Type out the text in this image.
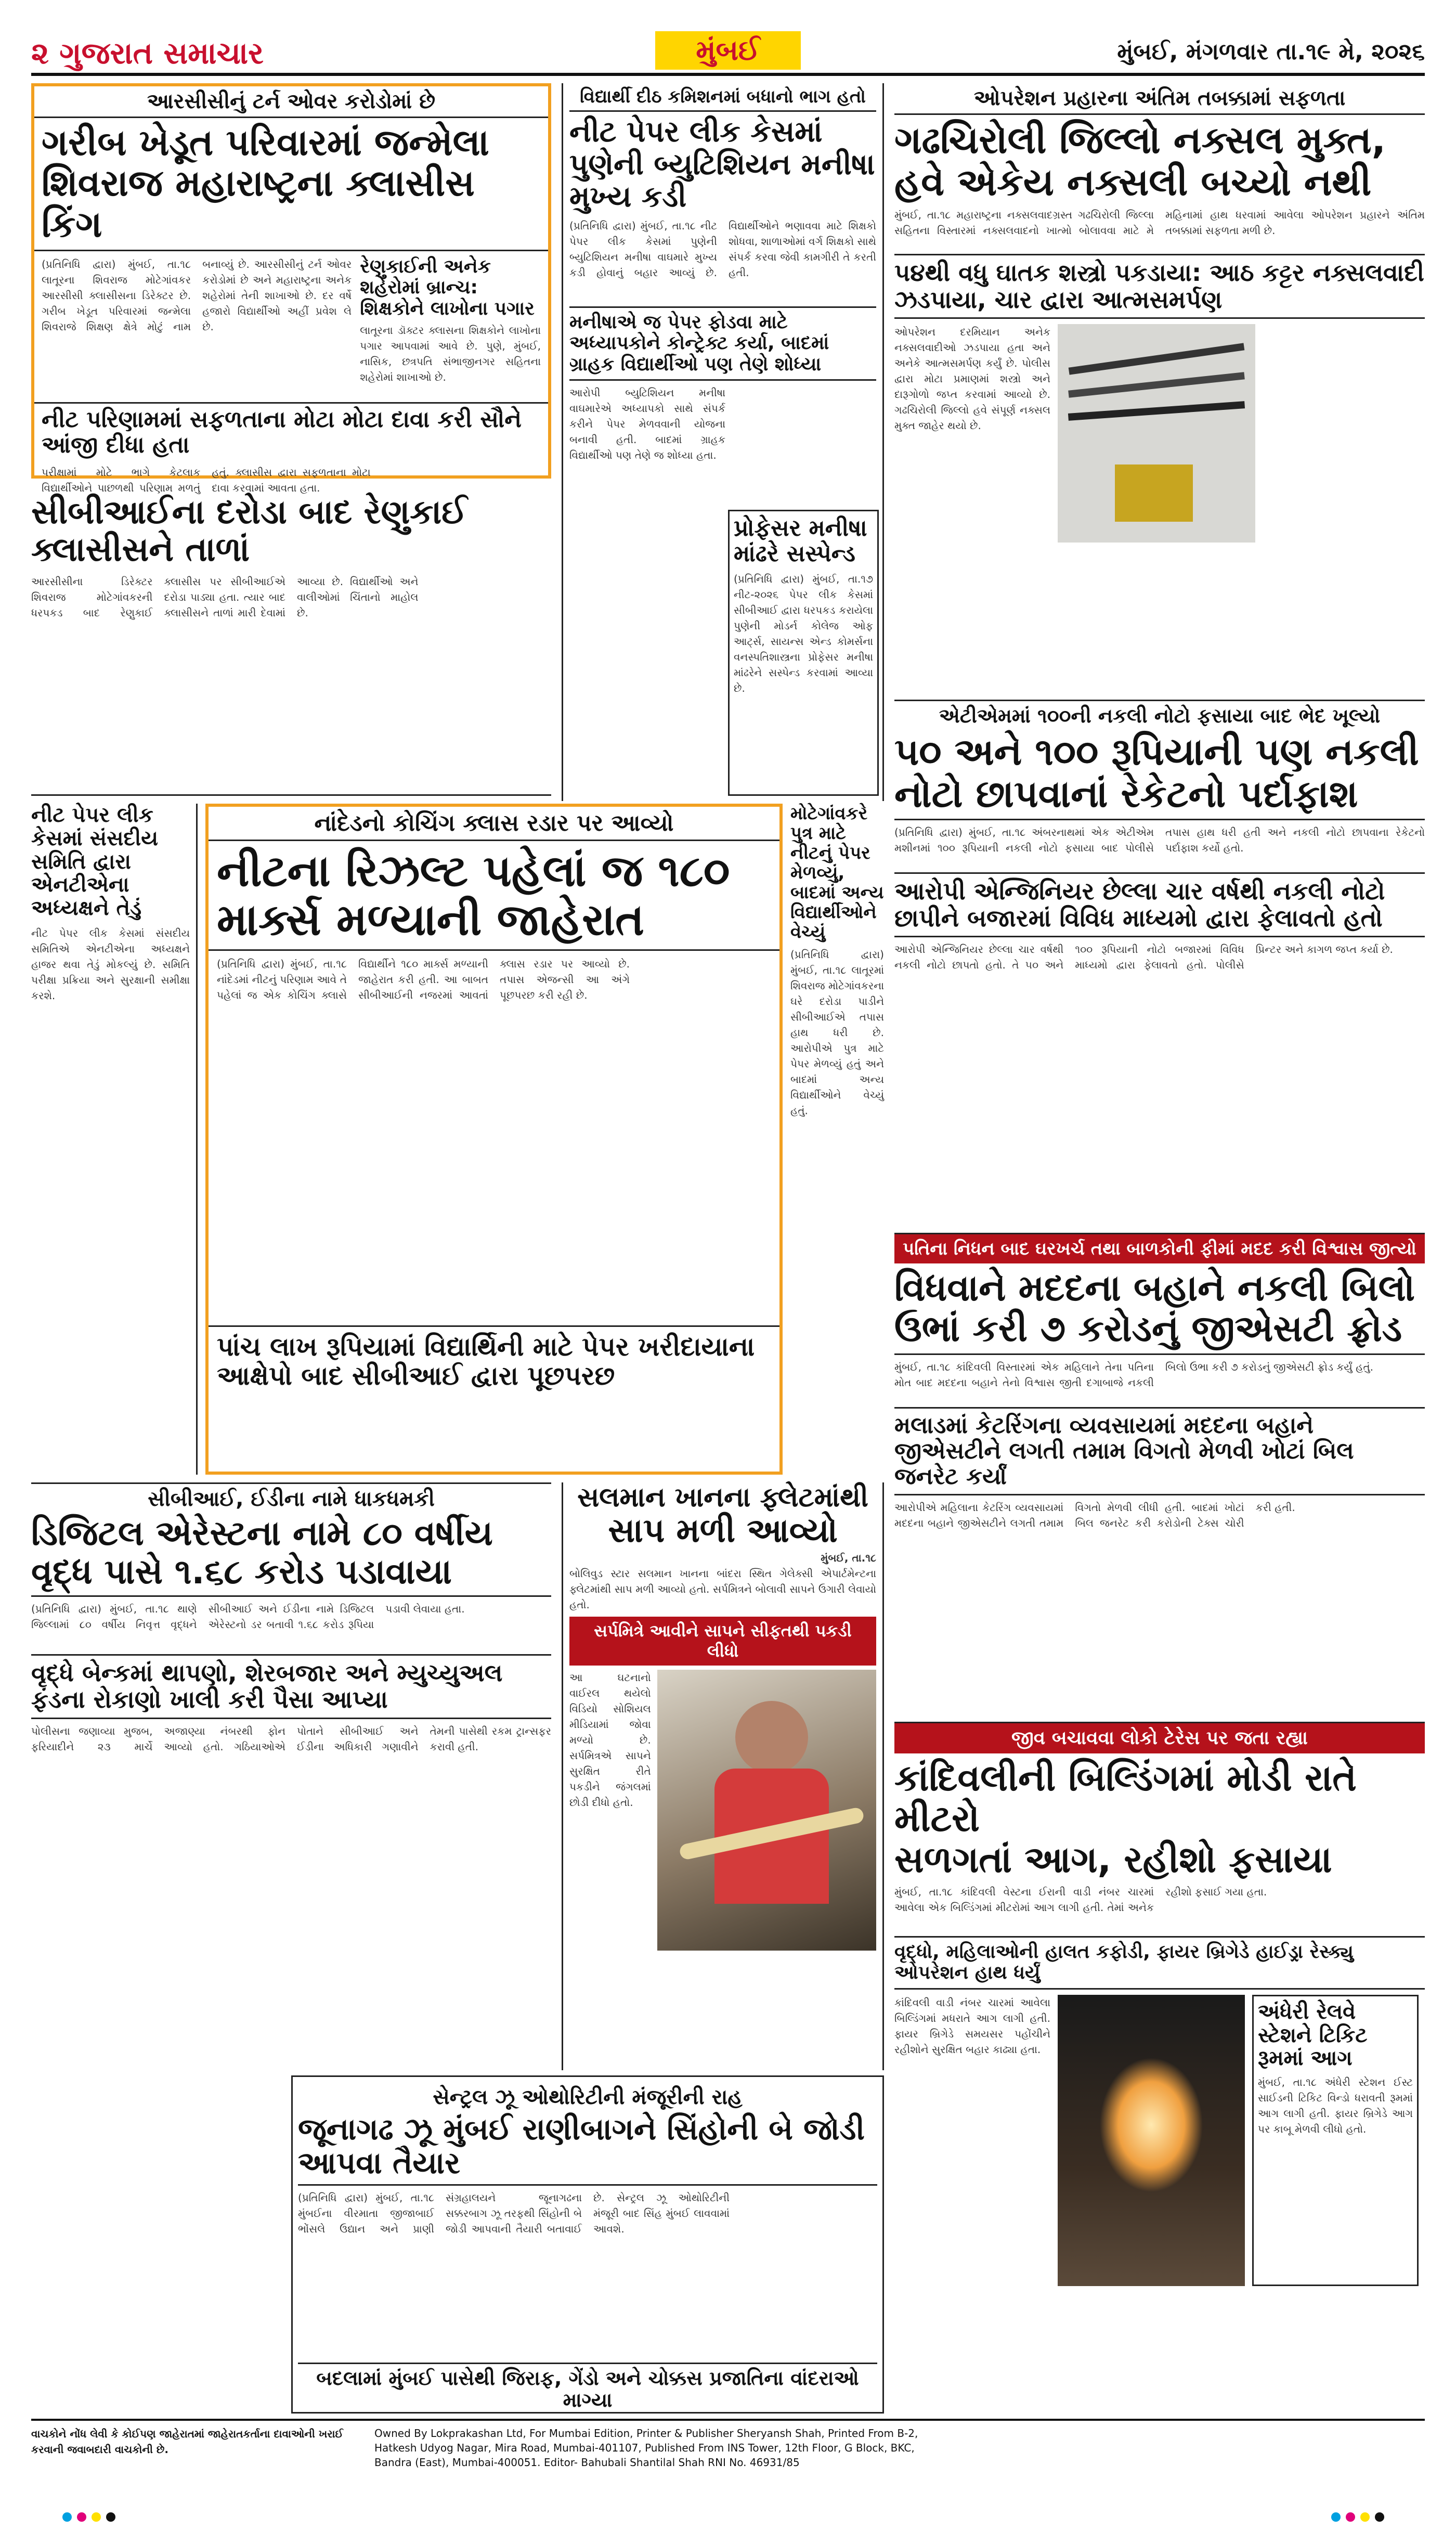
૨ ગુજરાત સમાચાર	મુંબઈ	મુંબઈ, મંગળવાર તા.૧૯ મે, ૨૦૨૬
આરસીસીનું ટર્ન ઓવર કરોડોમાં છે
ગરીબ ખેડૂત પરિવારમાં જન્મેલા
શિવરાજ મહારાષ્ટ્રના ક્લાસીસ કિંગ
(પ્રતિનિધિ દ્વારા) મુંબઈ, તા.૧૮ લાતૂરના શિવરાજ મોટેગાંવકર આરસીસી ક્લાસીસના ડિરેક્ટર છે. ગરીબ ખેડૂત પરિવારમાં જન્મેલા શિવરાજે શિક્ષણ ક્ષેત્રે મોટું નામ બનાવ્યું છે. આરસીસીનું ટર્ન ઓવર કરોડોમાં છે અને મહારાષ્ટ્રના અનેક શહેરોમાં તેની શાખાઓ છે. દર વર્ષે હજારો વિદ્યાર્થીઓ અહીં પ્રવેશ લે છે.
રેણુકાઈની અનેક શહેરોમાં બ્રાન્ચ: શિક્ષકોને લાખોના પગાર
લાતૂરના ડૉક્ટર ક્લાસના શિક્ષકોને લાખોના પગાર આપવામાં આવે છે. પુણે, મુંબઈ, નાસિક, છત્રપતિ સંભાજીનગર સહિતના શહેરોમાં શાખાઓ છે.
નીટ પરિણામમાં સફળતાના મોટા મોટા દાવા કરી સૌને આંજી દીધા હતા
પરીક્ષામાં મોટે ભાગે કેટલાક વિદ્યાર્થીઓને પાછળથી પરિણામ મળતું હતું. ક્લાસીસ દ્વારા સફળતાના મોટા દાવા કરવામાં આવતા હતા.
સીબીઆઈના દરોડા બાદ રેણુકાઈ ક્લાસીસને તાળાં
આરસીસીના ડિરેક્ટર શિવરાજ મોટેગાંવકરની ધરપકડ બાદ રેણુકાઈ ક્લાસીસ પર સીબીઆઈએ દરોડા પાડ્યા હતા. ત્યાર બાદ ક્લાસીસને તાળાં મારી દેવામાં આવ્યા છે. વિદ્યાર્થીઓ અને વાલીઓમાં ચિંતાનો માહોલ છે.
નીટ પેપર લીક કેસમાં સંસદીય સમિતિ દ્વારા એનટીએના અધ્યક્ષને તેડું
નીટ પેપર લીક કેસમાં સંસદીય સમિતિએ એનટીએના અધ્યક્ષને હાજર થવા તેડું મોકલ્યું છે. સમિતિ પરીક્ષા પ્રક્રિયા અને સુરક્ષાની સમીક્ષા કરશે.
નાંદેડનો કોચિંગ ક્લાસ રડાર પર આવ્યો
નીટના રિઝલ્ટ પહેલાં જ ૧૮૦
માર્ક્સ મળ્યાની જાહેરાત
(પ્રતિનિધિ દ્વારા) મુંબઈ, તા.૧૮ નાંદેડમાં નીટનું પરિણામ આવે તે પહેલાં જ એક કોચિંગ ક્લાસે વિદ્યાર્થીને ૧૮૦ માર્ક્સ મળ્યાની જાહેરાત કરી હતી. આ બાબત સીબીઆઈની નજરમાં આવતાં ક્લાસ રડાર પર આવ્યો છે. તપાસ એજન્સી આ અંગે પૂછપરછ કરી રહી છે.
પાંચ લાખ રૂપિયામાં વિદ્યાર્થિની માટે પેપર ખરીદાયાના આક્ષેપો બાદ સીબીઆઈ દ્વારા પૂછપરછ
વિદ્યાર્થી દીઠ કમિશનમાં બધાનો ભાગ હતો
નીટ પેપર લીક કેસમાં પુણેની બ્યુટિશિયન મનીષા મુખ્ય કડી
(પ્રતિનિધિ દ્વારા) મુંબઈ, તા.૧૮ નીટ પેપર લીક કેસમાં પુણેની બ્યુટિશિયન મનીષા વાઘમારે મુખ્ય કડી હોવાનું બહાર આવ્યું છે. વિદ્યાર્થીઓને ભણાવવા માટે શિક્ષકો શોધવા, શાળાઓમાં વર્ગ શિક્ષકો સાથે સંપર્ક કરવા જેવી કામગીરી તે કરતી હતી.
મનીષાએ જ પેપર ફોડવા માટે અધ્યાપકોને કોન્ટ્રેક્ટ કર્યા, બાદમાં ગ્રાહક વિદ્યાર્થીઓ પણ તેણે શોધ્યા
આરોપી બ્યુટિશિયન મનીષા વાઘમારેએ અધ્યાપકો સાથે સંપર્ક કરીને પેપર મેળવવાની યોજના બનાવી હતી. બાદમાં ગ્રાહક વિદ્યાર્થીઓ પણ તેણે જ શોધ્યા હતા.
પ્રોફેસર મનીષા માંઢરે સસ્પેન્ડ
(પ્રતિનિધિ દ્વારા) મુંબઈ, તા.૧૭ નીટ-૨૦૨૬ પેપર લીક કેસમાં સીબીઆઈ દ્વારા ધરપકડ કરાયેલા પુણેની મોડર્ન કોલેજ ઓફ આર્ટ્સ, સાયન્સ એન્ડ કોમર્સના વનસ્પતિશાસ્ત્રના પ્રોફેસર મનીષા માંઢરેને સસ્પેન્ડ કરવામાં આવ્યા છે.
મોટેગાંવકરે પુત્ર માટે નીટનું પેપર મેળવ્યું, બાદમાં અન્ય વિદ્યાર્થીઓને વેચ્યું
(પ્રતિનિધિ દ્વારા) મુંબઈ, તા.૧૮ લાતૂરમાં શિવરાજ મોટેગાંવકરના ઘરે દરોડા પાડીને સીબીઆઈએ તપાસ હાથ ધરી છે. આરોપીએ પુત્ર માટે પેપર મેળવ્યું હતું અને બાદમાં અન્ય વિદ્યાર્થીઓને વેચ્યું હતું.
સીબીઆઈ, ઈડીના નામે ધાકધમકી
ડિજિટલ એરેસ્ટના નામે ૮૦ વર્ષીય
વૃદ્ધ પાસે ૧.૬૮ કરોડ પડાવાયા
(પ્રતિનિધિ દ્વારા) મુંબઈ, તા.૧૮ થાણે જિલ્લામાં ૮૦ વર્ષીય નિવૃત્ત વૃદ્ધને સીબીઆઈ અને ઈડીના નામે ડિજિટલ એરેસ્ટનો ડર બતાવી ૧.૬૮ કરોડ રૂપિયા પડાવી લેવાયા હતા.
વૃદ્ધે બેન્કમાં થાપણો, શેરબજાર અને મ્યુચ્યુઅલ ફંડના રોકાણો ખાલી કરી પૈસા આપ્યા
પોલીસના જણાવ્યા મુજબ, ફરિયાદીને ૨૩ માર્ચે અજાણ્યા નંબરથી ફોન આવ્યો હતો. ગઠિયાઓએ પોતાને સીબીઆઈ અને ઈડીના અધિકારી ગણાવીને તેમની પાસેથી રકમ ટ્રાન્સફર કરાવી હતી.
સલમાન ખાનના ફ્લેટમાંથી
સાપ મળી આવ્યો
મુંબઈ, તા.૧૮
બોલિવુડ સ્ટાર સલમાન ખાનના બાંદરા સ્થિત ગેલેક્સી એપાર્ટમેન્ટના ફ્લેટમાંથી સાપ મળી આવ્યો હતો. સર્પમિત્રને બોલાવી સાપને ઉગારી લેવાયો હતો.
સર્પમિત્રે આવીને સાપને સીફતથી પકડી લીધો
આ ઘટનાનો વાઈરલ થયેલો વિડિયો સોશિયલ મીડિયામાં જોવા મળ્યો છે. સર્પમિત્રએ સાપને સુરક્ષિત રીતે પકડીને જંગલમાં છોડી દીધો હતો.
સેન્ટ્રલ ઝૂ ઓથોરિટીની મંજૂરીની રાહ
જૂનાગઢ ઝૂ મુંબઈ રાણીબાગને સિંહોની બે જોડી આપવા તૈયાર
(પ્રતિનિધિ દ્વારા) મુંબઈ, તા.૧૮ મુંબઈના વીરમાતા જીજાબાઈ ભોંસલે ઉદ્યાન અને પ્રાણી સંગ્રહાલયને જૂનાગઢના સક્કરબાગ ઝૂ તરફથી સિંહોની બે જોડી આપવાની તૈયારી બતાવાઈ છે. સેન્ટ્રલ ઝૂ ઓથોરિટીની મંજૂરી બાદ સિંહ મુંબઈ લાવવામાં આવશે.
બદલામાં મુંબઈ પાસેથી જિરાફ, ગેંડો અને ચોક્કસ પ્રજાતિના વાંદરાઓ માગ્યા
ઓપરેશન પ્રહારના અંતિમ તબક્કામાં સફળતા
ગઢચિરોલી જિલ્લો નક્સલ મુક્ત,
હવે એકેય નક્સલી બચ્યો નથી
મુંબઈ, તા.૧૮ મહારાષ્ટ્રના નક્સલવાદગ્રસ્ત ગઢચિરોલી જિલ્લા સહિતના વિસ્તારમાં નક્સલવાદનો ખાત્મો બોલાવવા માટે મે મહિનામાં હાથ ધરવામાં આવેલા ઓપરેશન પ્રહારને અંતિમ તબક્કામાં સફળતા મળી છે.
૫૪થી વધુ ઘાતક શસ્ત્રો પકડાયા: આઠ કટ્ટર નક્સલવાદી ઝડપાયા, ચાર દ્વારા આત્મસમર્પણ
ઓપરેશન દરમિયાન અનેક નક્સલવાદીઓ ઝડપાયા હતા અને અનેકે આત્મસમર્પણ કર્યું છે. પોલીસ દ્વારા મોટા પ્રમાણમાં શસ્ત્રો અને દારૂગોળો જપ્ત કરવામાં આવ્યો છે. ગઢચિરોલી જિલ્લો હવે સંપૂર્ણ નક્સલ મુક્ત જાહેર થયો છે.
એટીએમમાં ૧૦૦ની નકલી નોટો ફસાયા બાદ ભેદ ખૂલ્યો
૫૦ અને ૧૦૦ રૂપિયાની પણ નકલી
નોટો છાપવાનાં રેકેટનો પર્દાફાશ
(પ્રતિનિધિ દ્વારા) મુંબઈ, તા.૧૮ અંબરનાથમાં એક એટીએમ મશીનમાં ૧૦૦ રૂપિયાની નકલી નોટો ફસાયા બાદ પોલીસે તપાસ હાથ ધરી હતી અને નકલી નોટો છાપવાના રેકેટનો પર્દાફાશ કર્યો હતો.
આરોપી એન્જિનિયર છેલ્લા ચાર વર્ષથી નકલી નોટો છાપીને બજારમાં વિવિધ માધ્યમો દ્વારા ફેલાવતો હતો
આરોપી એન્જિનિયર છેલ્લા ચાર વર્ષથી નકલી નોટો છાપતો હતો. તે ૫૦ અને ૧૦૦ રૂપિયાની નોટો બજારમાં વિવિધ માધ્યમો દ્વારા ફેલાવતો હતો. પોલીસે પ્રિન્ટર અને કાગળ જપ્ત કર્યા છે.
પતિના નિધન બાદ ઘરખર્ચ તથા બાળકોની ફીમાં મદદ કરી વિશ્વાસ જીત્યો
વિધવાને મદદના બહાને નકલી બિલો
ઉભાં કરી ૭ કરોડનું જીએસટી ફ્રોડ
મુંબઈ, તા.૧૮ કાંદિવલી વિસ્તારમાં એક મહિલાને તેના પતિના મોત બાદ મદદના બહાને તેનો વિશ્વાસ જીતી દગાબાજે નકલી બિલો ઉભા કરી ૭ કરોડનું જીએસટી ફ્રોડ કર્યું હતું.
મલાડમાં કેટરિંગના વ્યવસાયમાં મદદના બહાને જીએસટીને લગતી તમામ વિગતો મેળવી ખોટાં બિલ જનરેટ કર્યાં
આરોપીએ મહિલાના કેટરિંગ વ્યવસાયમાં મદદના બહાને જીએસટીને લગતી તમામ વિગતો મેળવી લીધી હતી. બાદમાં ખોટાં બિલ જનરેટ કરી કરોડોની ટેક્સ ચોરી કરી હતી.
જીવ બચાવવા લોકો ટેરેસ પર જતા રહ્યા
કાંદિવલીની બિલ્ડિંગમાં મોડી રાતે મીટરો
સળગતાં આગ, રહીશો ફસાયા
મુંબઈ, તા.૧૮ કાંદિવલી વેસ્ટના ઈરાની વાડી નંબર ચારમાં આવેલા એક બિલ્ડિંગમાં મીટરોમાં આગ લાગી હતી. તેમાં અનેક રહીશો ફસાઈ ગયા હતા.
વૃદ્ધો, મહિલાઓની હાલત કફોડી, ફાયર બ્રિગેડે હાઈડ્રા રેસ્ક્યુ ઓપરેશન હાથ ધર્યું
કાંદિવલી વાડી નંબર ચારમાં આવેલા બિલ્ડિંગમાં મધરાતે આગ લાગી હતી. ફાયર બ્રિગેડે સમયસર પહોંચીને રહીશોને સુરક્ષિત બહાર કાઢ્યા હતા.
અંધેરી રેલવે સ્ટેશને ટિકિટ રૂમમાં આગ
મુંબઈ, તા.૧૮ અંધેરી સ્ટેશન ઈસ્ટ સાઈડની ટિકિટ વિન્ડો ધરાવતી રૂમમાં આગ લાગી હતી. ફાયર બ્રિગેડે આગ પર કાબૂ મેળવી લીધો હતો.
વાચકોને નોંધ લેવી કે કોઈપણ જાહેરાતમાં જાહેરાતકર્તાના દાવાઓની ખરાઈ કરવાની જવાબદારી વાચકોની છે.
Owned By Lokprakashan Ltd, For Mumbai Edition, Printer & Publisher Sheryansh Shah, Printed From B-2, Hatkesh Udyog Nagar, Mira Road, Mumbai-401107, Published From INS Tower, 12th Floor, G Block, BKC, Bandra (East), Mumbai-400051. Editor- Bahubali Shantilal Shah RNI No. 46931/85
